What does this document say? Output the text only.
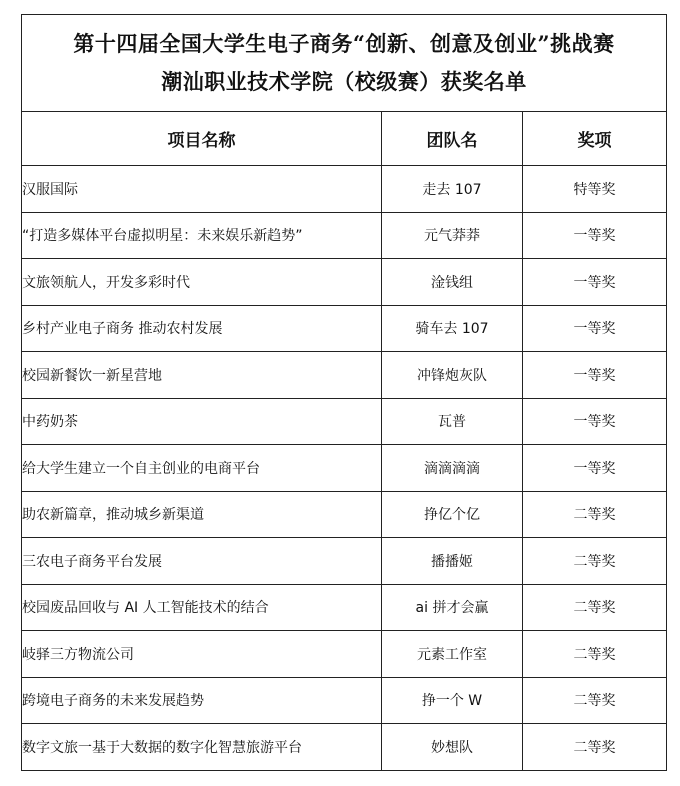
第十四届全国大学生电子商务“创新、创意及创业”挑战赛
潮汕职业技术学院（校级赛）获奖名单		

项目名称	团队名	奖项
汉服国际	走去 107	特等奖
“打造多媒体平台虚拟明星：未来娱乐新趋势”	元气莽莽	一等奖
文旅领航人，开发多彩时代	淦钱组	一等奖
乡村产业电子商务 推动农村发展	骑车去 107	一等奖
校园新餐饮一新星营地	冲锋炮灰队	一等奖
中药奶茶	瓦普	一等奖
给大学生建立一个自主创业的电商平台	滴滴滴滴	一等奖
助农新篇章，推动城乡新渠道	挣亿个亿	二等奖
三农电子商务平台发展	播播姬	二等奖
校园废品回收与 AI 人工智能技术的结合	ai 拼才会赢	二等奖
岐驿三方物流公司	元素工作室	二等奖
跨境电子商务的未来发展趋势	挣一个 W	二等奖
数字文旅一基于大数据的数字化智慧旅游平台	妙想队	二等奖
